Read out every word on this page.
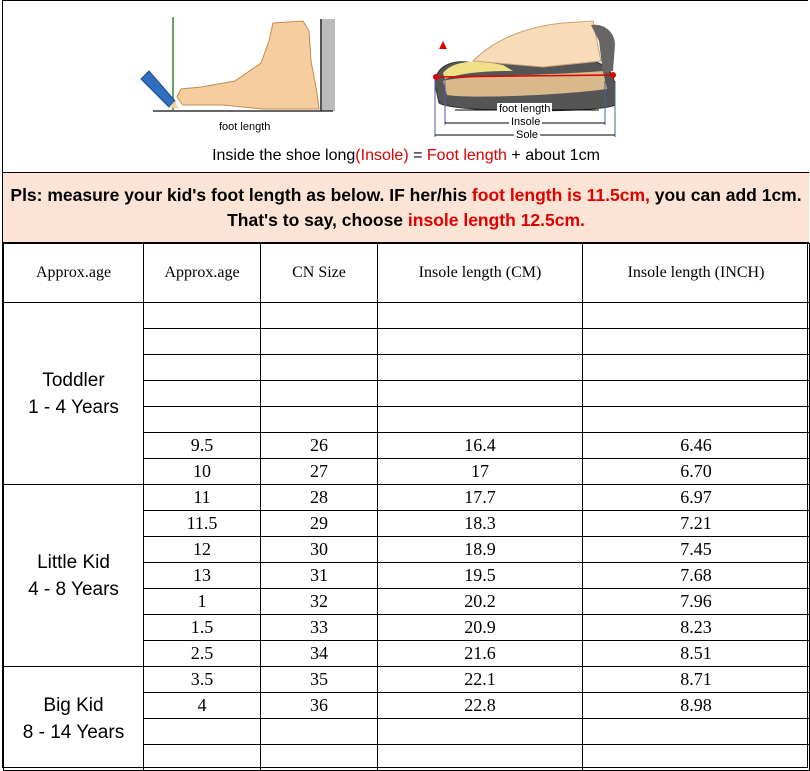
foot length
foot length
Insole
Sole
Inside the shoe long(Insole) = Foot length + about 1cm
Pls: measure your kid's foot length as below. IF her/his foot length is 11.5cm, you can add 1cm. That's to say, choose insole length 12.5cm.
Approx.age	Approx.age	CN Size	Insole length (CM)	Insole length (INCH)

Toddler
1 - 4 Years				

	9.5	26	16.4	6.46
	10	27	17	6.70

Little Kid
4 - 8 Years	11	28	17.7	6.97
	11.5	29	18.3	7.21
	12	30	18.9	7.45
	13	31	19.5	7.68
	1	32	20.2	7.96
	1.5	33	20.9	8.23
	2.5	34	21.6	8.51

Big Kid
8 - 14 Years	3.5	35	22.1	8.71
	4	36	22.8	8.98
